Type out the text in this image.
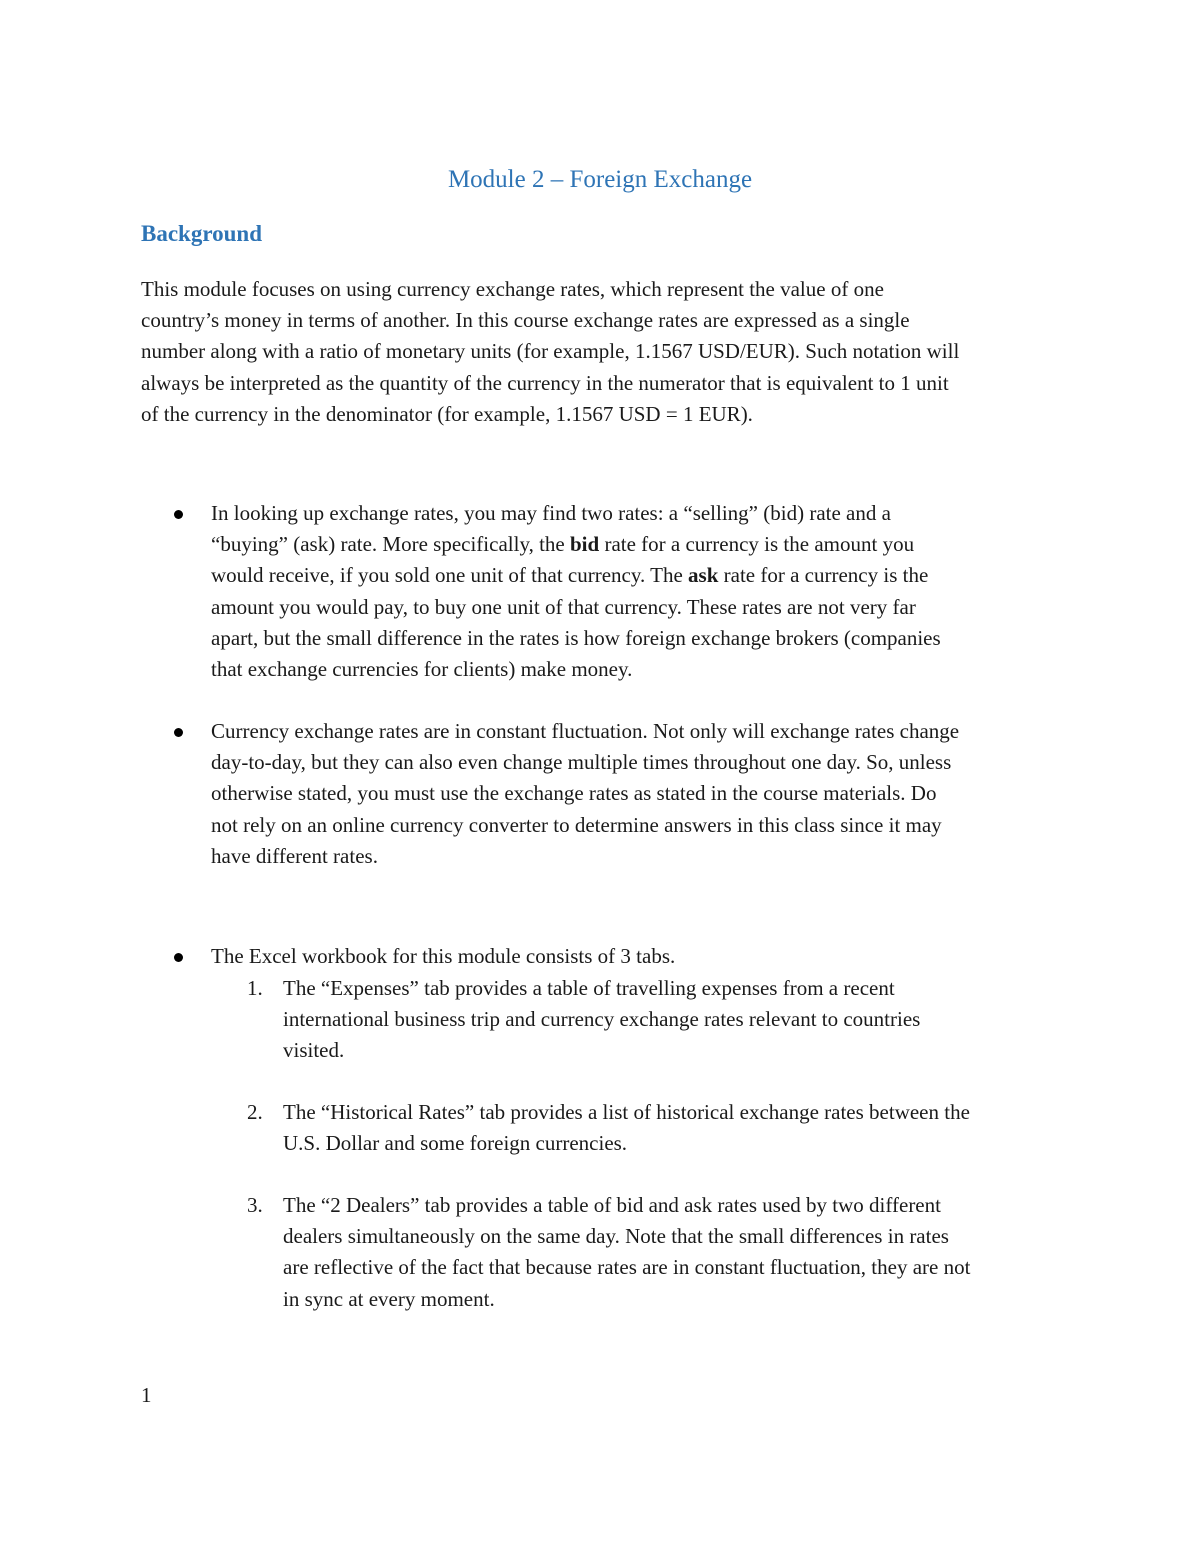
Module 2 – Foreign Exchange
Background
This module focuses on using currency exchange rates, which represent the value of one
country’s money in terms of another. In this course exchange rates are expressed as a single
number along with a ratio of monetary units (for example, 1.1567 USD/EUR). Such notation will
always be interpreted as the quantity of the currency in the numerator that is equivalent to 1 unit
of the currency in the denominator (for example, 1.1567 USD = 1 EUR).
In looking up exchange rates, you may find two rates: a “selling” (bid) rate and a
“buying” (ask) rate. More specifically, the bid rate for a currency is the amount you
would receive, if you sold one unit of that currency. The ask rate for a currency is the
amount you would pay, to buy one unit of that currency. These rates are not very far
apart, but the small difference in the rates is how foreign exchange brokers (companies
that exchange currencies for clients) make money.
Currency exchange rates are in constant fluctuation. Not only will exchange rates change
day-to-day, but they can also even change multiple times throughout one day. So, unless
otherwise stated, you must use the exchange rates as stated in the course materials. Do
not rely on an online currency converter to determine answers in this class since it may
have different rates.
The Excel workbook for this module consists of 3 tabs.
1. The “Expenses” tab provides a table of travelling expenses from a recent
international business trip and currency exchange rates relevant to countries
visited.
2. The “Historical Rates” tab provides a list of historical exchange rates between the
U.S. Dollar and some foreign currencies.
3. The “2 Dealers” tab provides a table of bid and ask rates used by two different
dealers simultaneously on the same day. Note that the small differences in rates
are reflective of the fact that because rates are in constant fluctuation, they are not
in sync at every moment.
1
